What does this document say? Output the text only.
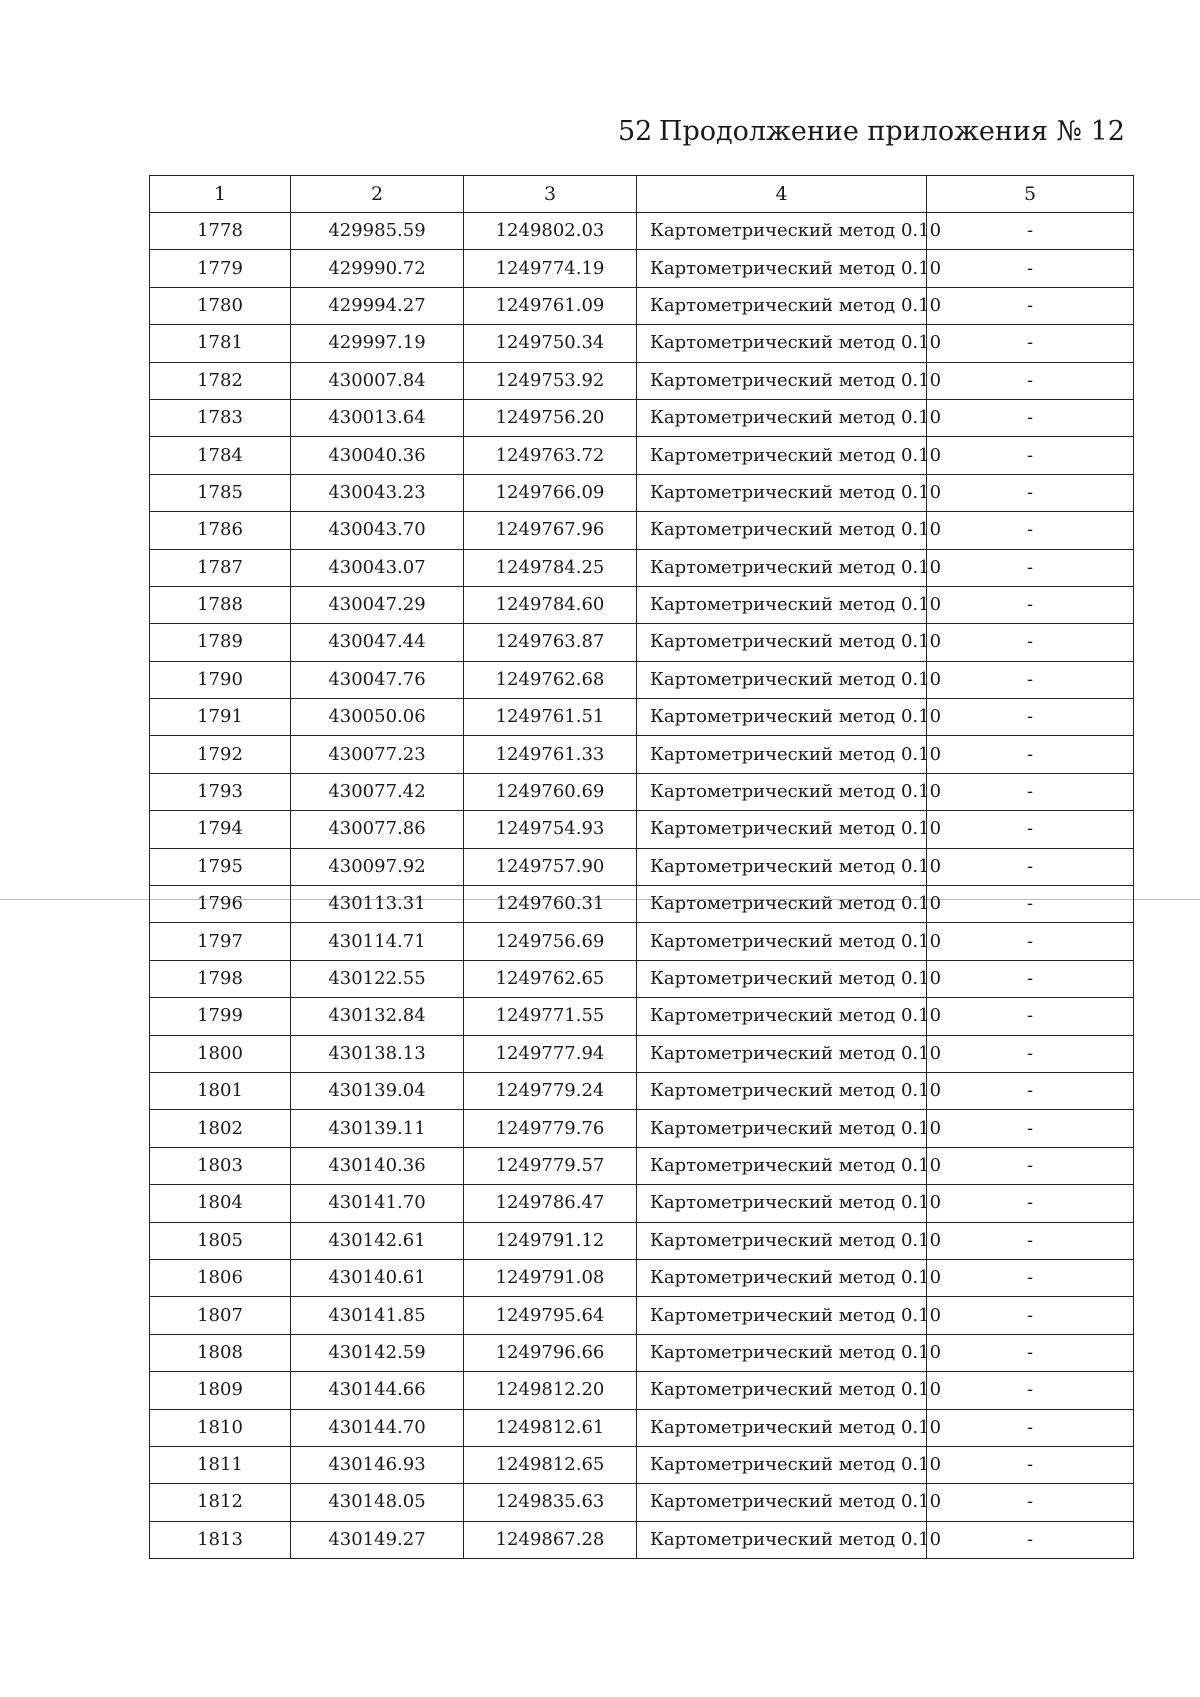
52 Продолжение приложения № 12
1	2	3	4	5
1778	429985.59	1249802.03	Картометрический метод 0.10	-
1779	429990.72	1249774.19	Картометрический метод 0.10	-
1780	429994.27	1249761.09	Картометрический метод 0.10	-
1781	429997.19	1249750.34	Картометрический метод 0.10	-
1782	430007.84	1249753.92	Картометрический метод 0.10	-
1783	430013.64	1249756.20	Картометрический метод 0.10	-
1784	430040.36	1249763.72	Картометрический метод 0.10	-
1785	430043.23	1249766.09	Картометрический метод 0.10	-
1786	430043.70	1249767.96	Картометрический метод 0.10	-
1787	430043.07	1249784.25	Картометрический метод 0.10	-
1788	430047.29	1249784.60	Картометрический метод 0.10	-
1789	430047.44	1249763.87	Картометрический метод 0.10	-
1790	430047.76	1249762.68	Картометрический метод 0.10	-
1791	430050.06	1249761.51	Картометрический метод 0.10	-
1792	430077.23	1249761.33	Картометрический метод 0.10	-
1793	430077.42	1249760.69	Картометрический метод 0.10	-
1794	430077.86	1249754.93	Картометрический метод 0.10	-
1795	430097.92	1249757.90	Картометрический метод 0.10	-
1796	430113.31	1249760.31	Картометрический метод 0.10	-
1797	430114.71	1249756.69	Картометрический метод 0.10	-
1798	430122.55	1249762.65	Картометрический метод 0.10	-
1799	430132.84	1249771.55	Картометрический метод 0.10	-
1800	430138.13	1249777.94	Картометрический метод 0.10	-
1801	430139.04	1249779.24	Картометрический метод 0.10	-
1802	430139.11	1249779.76	Картометрический метод 0.10	-
1803	430140.36	1249779.57	Картометрический метод 0.10	-
1804	430141.70	1249786.47	Картометрический метод 0.10	-
1805	430142.61	1249791.12	Картометрический метод 0.10	-
1806	430140.61	1249791.08	Картометрический метод 0.10	-
1807	430141.85	1249795.64	Картометрический метод 0.10	-
1808	430142.59	1249796.66	Картометрический метод 0.10	-
1809	430144.66	1249812.20	Картометрический метод 0.10	-
1810	430144.70	1249812.61	Картометрический метод 0.10	-
1811	430146.93	1249812.65	Картометрический метод 0.10	-
1812	430148.05	1249835.63	Картометрический метод 0.10	-
1813	430149.27	1249867.28	Картометрический метод 0.10	-
